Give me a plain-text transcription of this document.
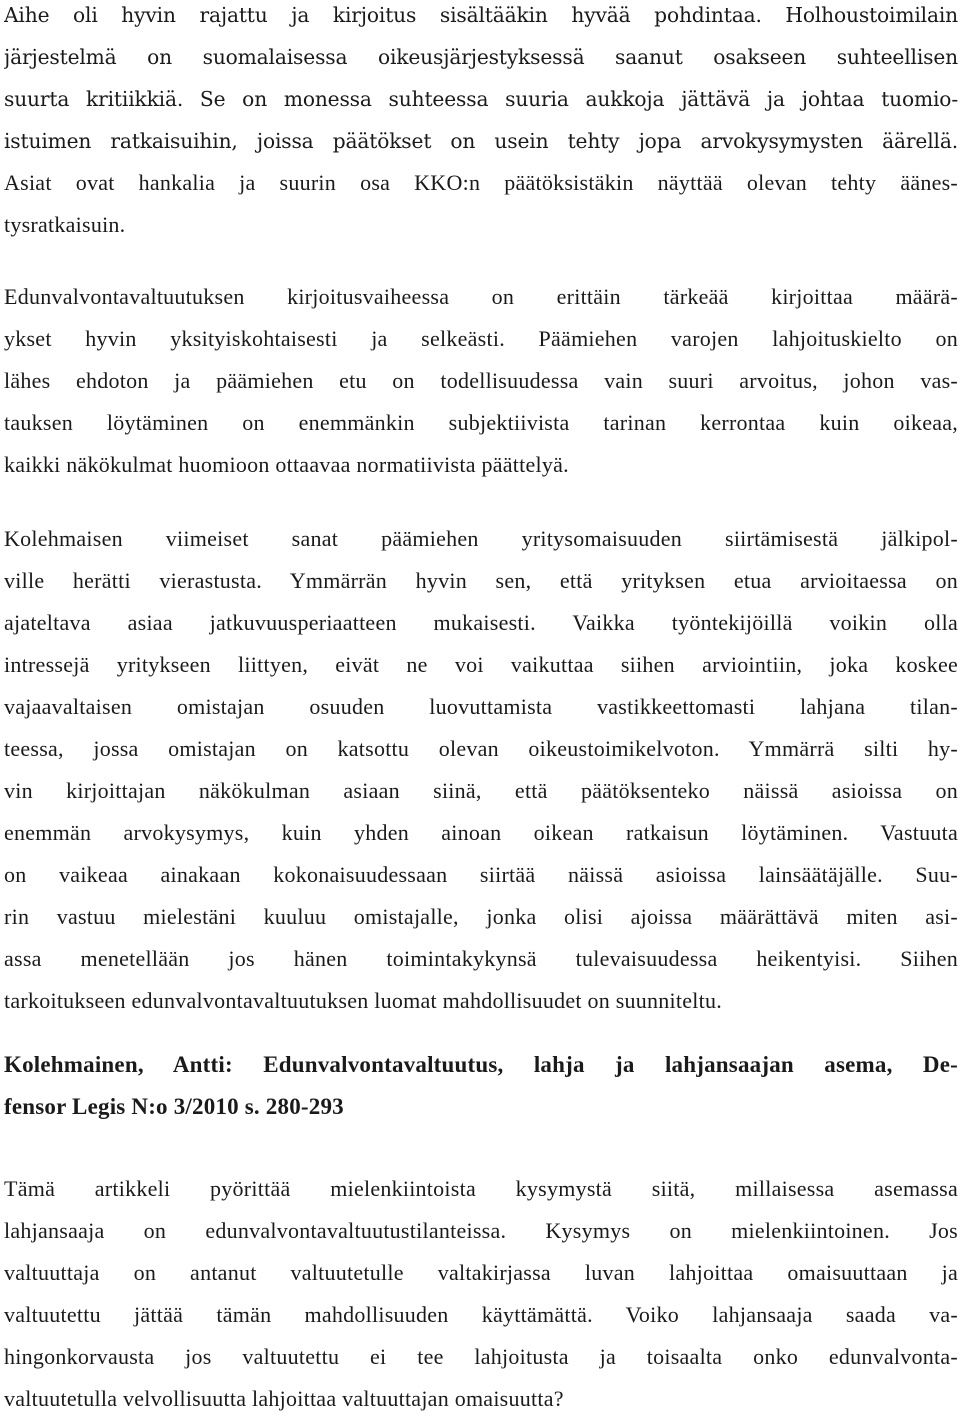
Aihe oli hyvin rajattu ja kirjoitus sisältääkin hyvää pohdintaa. Holhoustoimilain
järjestelmä on suomalaisessa oikeusjärjestyksessä saanut osakseen suhteellisen
suurta kritiikkiä. Se on monessa suhteessa suuria aukkoja jättävä ja johtaa tuomio-
istuimen ratkaisuihin, joissa päätökset on usein tehty jopa arvokysymysten äärellä.
Asiat ovat hankalia ja suurin osa KKO:n päätöksistäkin näyttää olevan tehty äänes-
tysratkaisuin.
Edunvalvontavaltuutuksen kirjoitusvaiheessa on erittäin tärkeää kirjoittaa määrä-
ykset hyvin yksityiskohtaisesti ja selkeästi. Päämiehen varojen lahjoituskielto on
lähes ehdoton ja päämiehen etu on todellisuudessa vain suuri arvoitus, johon vas-
tauksen löytäminen on enemmänkin subjektiivista tarinan kerrontaa kuin oikeaa,
kaikki näkökulmat huomioon ottaavaa normatiivista päättelyä.
Kolehmaisen viimeiset sanat päämiehen yritysomaisuuden siirtämisestä jälkipol-
ville herätti vierastusta. Ymmärrän hyvin sen, että yrityksen etua arvioitaessa on
ajateltava asiaa jatkuvuusperiaatteen mukaisesti. Vaikka työntekijöillä voikin olla
intressejä yritykseen liittyen, eivät ne voi vaikuttaa siihen arviointiin, joka koskee
vajaavaltaisen omistajan osuuden luovuttamista vastikkeettomasti lahjana tilan-
teessa, jossa omistajan on katsottu olevan oikeustoimikelvoton. Ymmärrä silti hy-
vin kirjoittajan näkökulman asiaan siinä, että päätöksenteko näissä asioissa on
enemmän arvokysymys, kuin yhden ainoan oikean ratkaisun löytäminen. Vastuuta
on vaikeaa ainakaan kokonaisuudessaan siirtää näissä asioissa lainsäätäjälle. Suu-
rin vastuu mielestäni kuuluu omistajalle, jonka olisi ajoissa määrättävä miten asi-
assa menetellään jos hänen toimintakykynsä tulevaisuudessa heikentyisi. Siihen
tarkoitukseen edunvalvontavaltuutuksen luomat mahdollisuudet on suunniteltu.
Kolehmainen, Antti: Edunvalvontavaltuutus, lahja ja lahjansaajan asema, De-
fensor Legis N:o 3/2010 s. 280-293
Tämä artikkeli pyörittää mielenkiintoista kysymystä siitä, millaisessa asemassa
lahjansaaja on edunvalvontavaltuutustilanteissa. Kysymys on mielenkiintoinen. Jos
valtuuttaja on antanut valtuutetulle valtakirjassa luvan lahjoittaa omaisuuttaan ja
valtuutettu jättää tämän mahdollisuuden käyttämättä. Voiko lahjansaaja saada va-
hingonkorvausta jos valtuutettu ei tee lahjoitusta ja toisaalta onko edunvalvonta-
valtuutetulla velvollisuutta lahjoittaa valtuuttajan omaisuutta?
